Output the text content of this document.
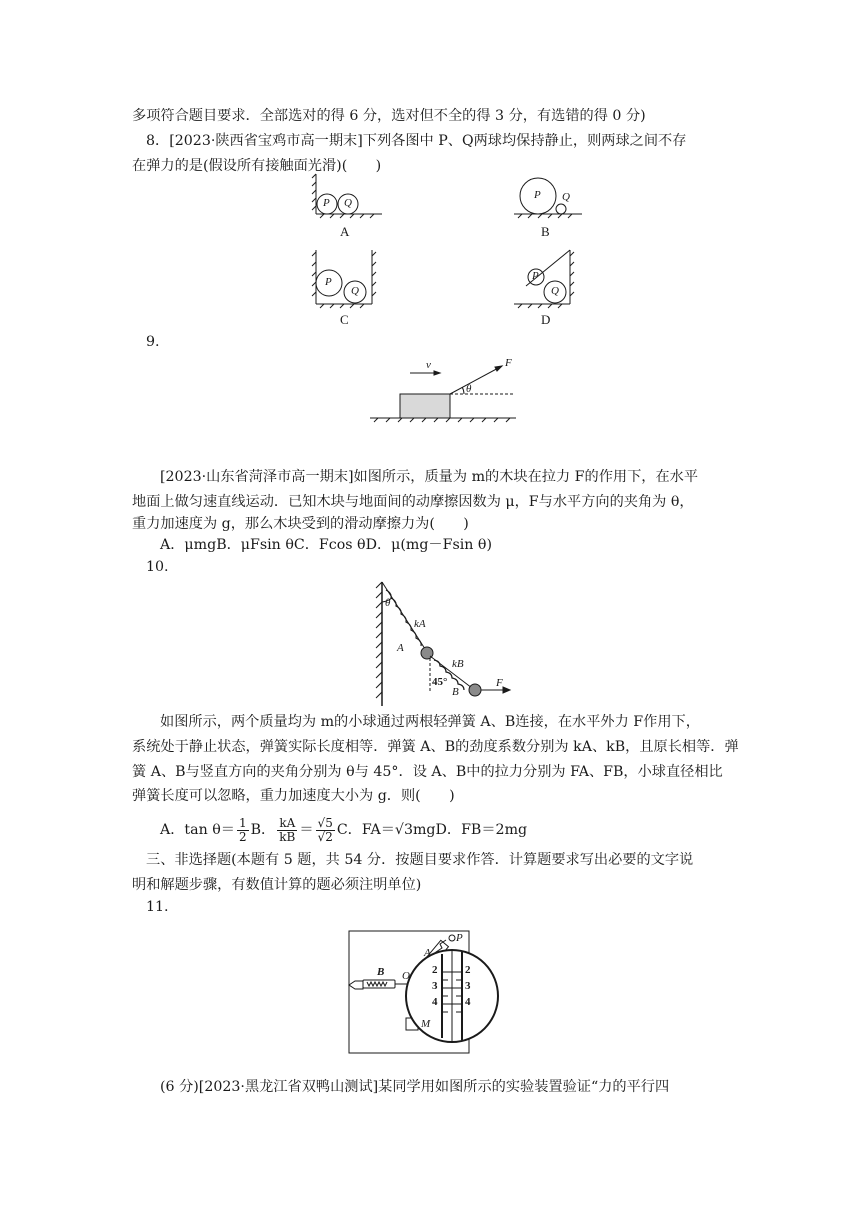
多项符合题目要求．全部选对的得 6 分，选对但不全的得 3 分，有选错的得 0 分)
8．[2023·陕西省宝鸡市高一期末]下列各图中 P、Q两球均保持静止，则两球之间不存
在弹力的是(假设所有接触面光滑)(　　)
P Q
A
P Q
B
P
Q
C
P
Q
D
9.
v	F
θ
[2023·山东省菏泽市高一期末]如图所示，质量为 m的木块在拉力 F的作用下，在水平
地面上做匀速直线运动．已知木块与地面间的动摩擦因数为 μ，F与水平方向的夹角为 θ，
重力加速度为 g，那么木块受到的滑动摩擦力为(　　)
A．μmgB．μFsin θC．Fcos θD．μ(mg－Fsin θ)
10.
θ
kA
A
kB
45°
B
F
如图所示，两个质量均为 m的小球通过两根轻弹簧 A、B连接，在水平外力 F作用下，
系统处于静止状态，弹簧实际长度相等．弹簧 A、B的劲度系数分别为 kA、kB，且原长相等．弹
簧 A、B与竖直方向的夹角分别为 θ与 45°．设 A、B中的拉力分别为 FA、FB，小球直径相比
弹簧长度可以忽略，重力加速度大小为 g．则(　　)
A．$\tan \theta= \frac{1}{2}$ B． $\frac{kA}{kB} = \frac{√5}{√2}$ C．FA＝√3mgD．FB＝2mg
三、非选择题(本题有 5 题，共 54 分．按题目要求作答．计算题要求写出必要的文字说
明和解题步骤，有数值计算的题必须注明单位)
11.
B O
A
P
M
2
3
4
2
3
4
(6 分)[2023·黑龙江省双鸭山测试]某同学用如图所示的实验装置验证“力的平行四
